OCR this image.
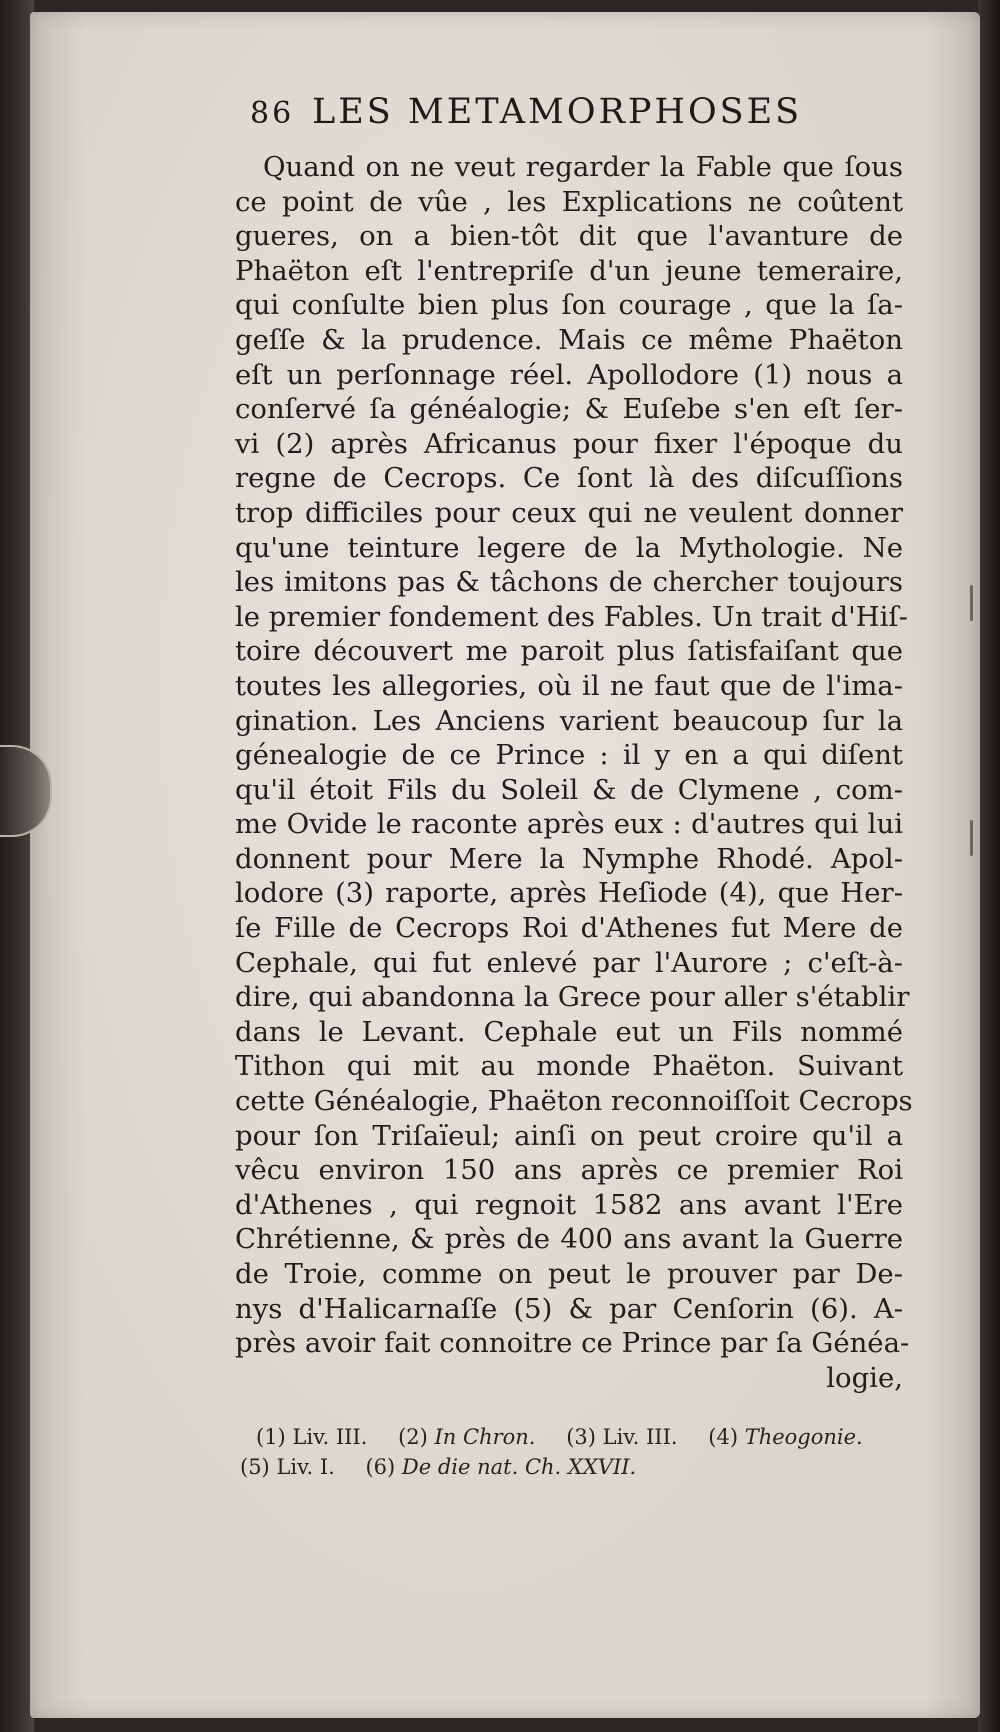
86 LES METAMORPHOSES
Quand on ne veut regarder la Fable que ſous
ce point de vûe , les Explications ne coûtent
gueres, on a bien-tôt dit que l'avanture de
Phaëton eſt l'entrepriſe d'un jeune temeraire,
qui conſulte bien plus ſon courage , que la ſa-
geſſe & la prudence. Mais ce même Phaëton
eſt un perſonnage réel. Apollodore (1) nous a
conſervé ſa généalogie; & Euſebe s'en eſt ſer-
vi (2) après Africanus pour fixer l'époque du
regne de Cecrops. Ce ſont là des diſcuſſions
trop difficiles pour ceux qui ne veulent donner
qu'une teinture legere de la Mythologie. Ne
les imitons pas & tâchons de chercher toujours
le premier fondement des Fables. Un trait d'Hiſ-
toire découvert me paroit plus ſatisfaiſant que
toutes les allegories, où il ne faut que de l'ima-
gination. Les Anciens varient beaucoup ſur la
génealogie de ce Prince : il y en a qui diſent
qu'il étoit Fils du Soleil & de Clymene , com-
me Ovide le raconte après eux : d'autres qui lui
donnent pour Mere la Nymphe Rhodé. Apol-
lodore (3) raporte, après Heſiode (4), que Her-
ſe Fille de Cecrops Roi d'Athenes fut Mere de
Cephale, qui fut enlevé par l'Aurore ; c'eſt-à-
dire, qui abandonna la Grece pour aller s'établir
dans le Levant. Cephale eut un Fils nommé
Tithon qui mit au monde Phaëton. Suivant
cette Généalogie, Phaëton reconnoiſſoit Cecrops
pour ſon Triſaïeul; ainſi on peut croire qu'il a
vêcu environ 150 ans après ce premier Roi
d'Athenes , qui regnoit 1582 ans avant l'Ere
Chrétienne, & près de 400 ans avant la Guerre
de Troie, comme on peut le prouver par De-
nys d'Halicarnaſſe (5) & par Cenſorin (6). A-
près avoir fait connoitre ce Prince par ſa Généa-
logie,
(1) Liv. III. (2) In Chron. (3) Liv. III. (4) Theogonie.
(5) Liv. I. (6) De die nat. Ch. XXVII.
